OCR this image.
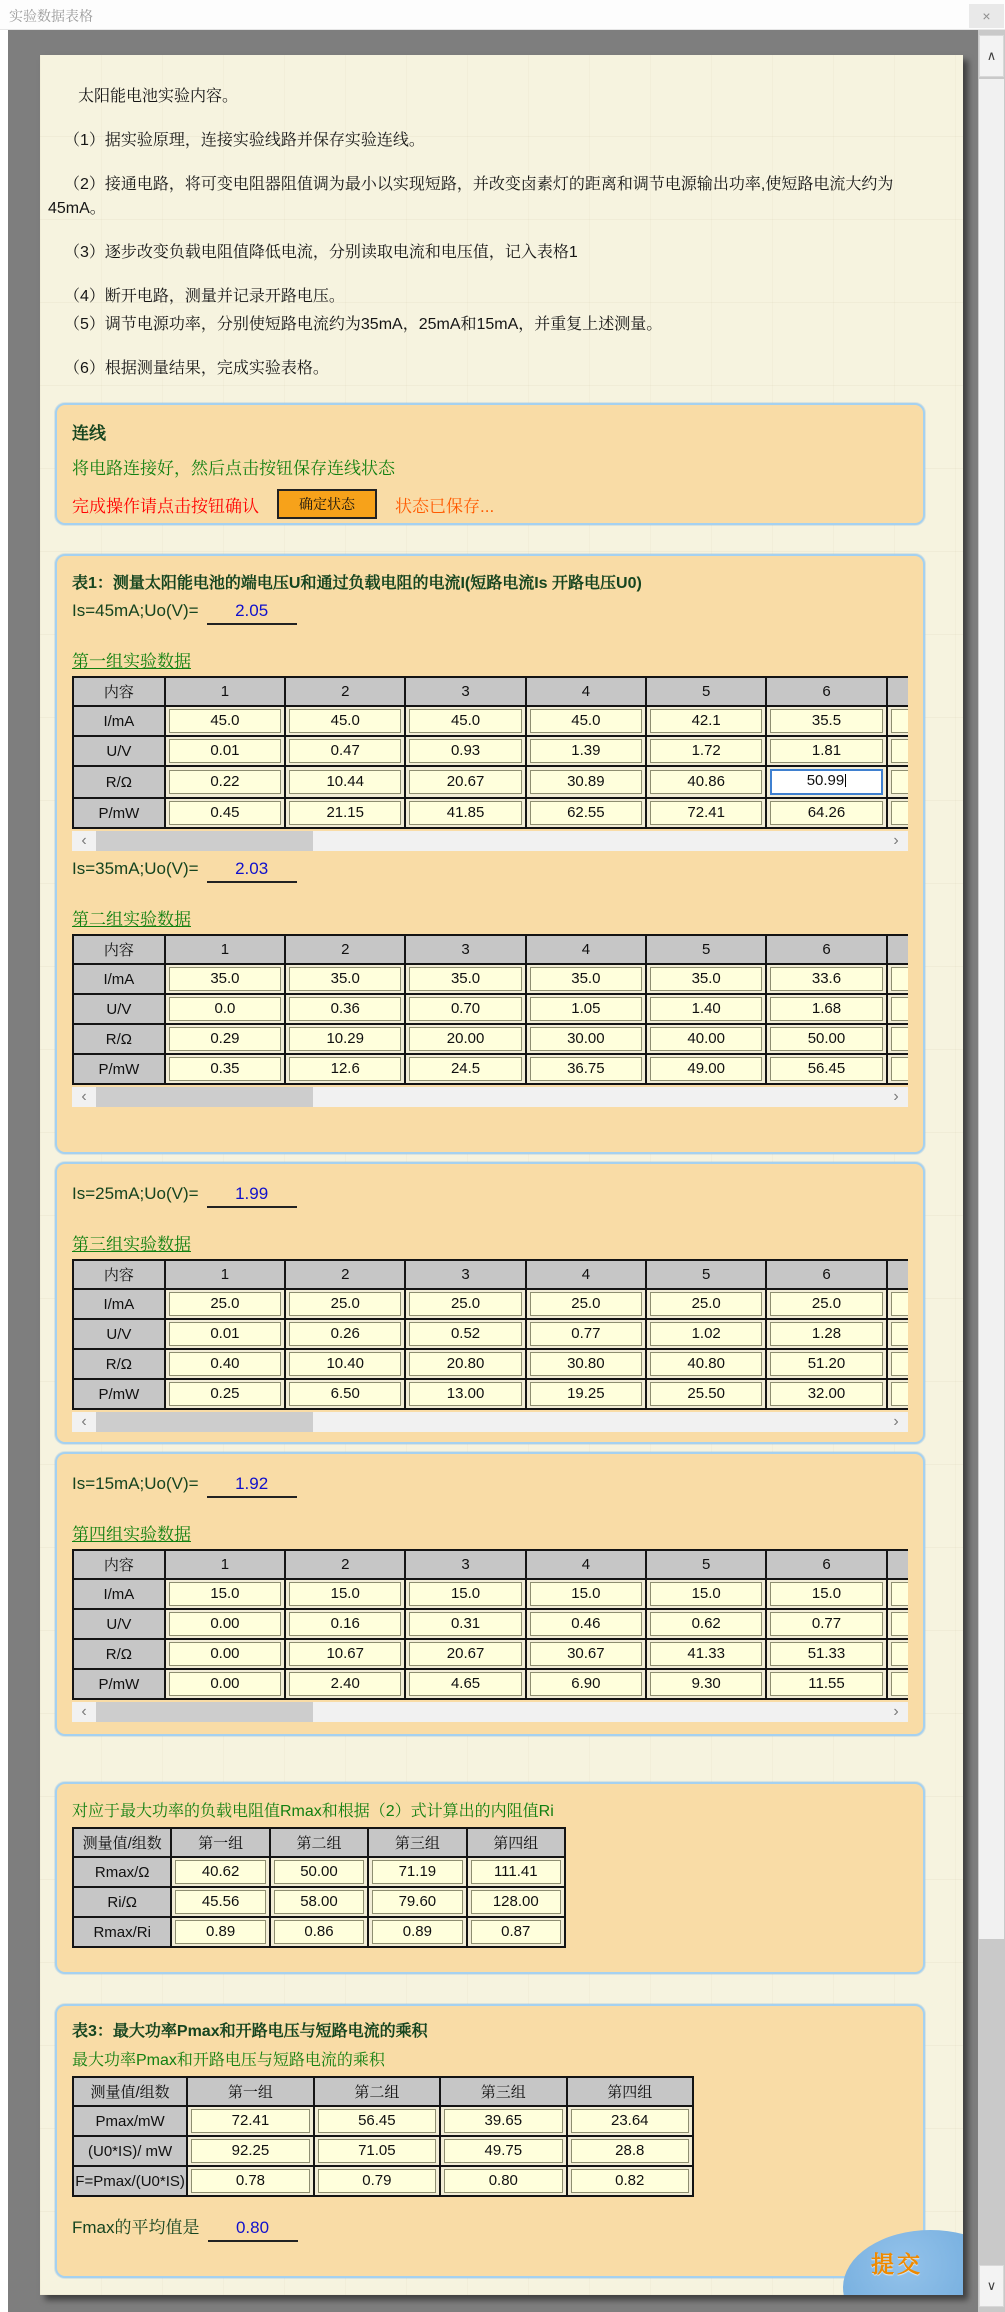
实验数据表格	×

太阳能电池实验内容。

（1）据实验原理，连接实验线路并保存实验连线。

（2）接通电路，将可变电阻器阻值调为最小以实现短路，并改变卤素灯的距离和调节电源输出功率,使短路电流大约为45mA。

（3）逐步改变负载电阻值降低电流，分别读取电流和电压值，记入表格1

（4）断开电路，测量并记录开路电压。

（5）调节电源功率，分别使短路电流约为35mA，25mA和15mA，并重复上述测量。

（6）根据测量结果，完成实验表格。

连线
将电路连接好，然后点击按钮保存连线状态
完成操作请点击按钮确认	确定状态	状态已保存...
表1：测量太阳能电池的端电压U和通过负载电阻的电流I(短路电流Is 开路电压U0)
Is=45mA;Uo(V)= 2.05
第一组实验数据
内容	1	2	3	4	5	6	
I/mA	45.0	45.0	45.0	45.0	42.1	35.5	

U/V	0.01	0.47	0.93	1.39	1.72	1.81	

R/Ω	0.22	10.44	20.67	30.89	40.86	50.99	

P/mW	0.45	21.15	41.85	62.55	72.41	64.26	

‹	›
Is=35mA;Uo(V)= 2.03
第二组实验数据
内容	1	2	3	4	5	6	
I/mA	35.0	35.0	35.0	35.0	35.0	33.6	

U/V	0.0	0.36	0.70	1.05	1.40	1.68	

R/Ω	0.29	10.29	20.00	30.00	40.00	50.00	

P/mW	0.35	12.6	24.5	36.75	49.00	56.45	

‹	›
Is=25mA;Uo(V)= 1.99
第三组实验数据
内容	1	2	3	4	5	6	
I/mA	25.0	25.0	25.0	25.0	25.0	25.0	

U/V	0.01	0.26	0.52	0.77	1.02	1.28	

R/Ω	0.40	10.40	20.80	30.80	40.80	51.20	

P/mW	0.25	6.50	13.00	19.25	25.50	32.00	

‹	›
Is=15mA;Uo(V)= 1.92
第四组实验数据
内容	1	2	3	4	5	6	
I/mA	15.0	15.0	15.0	15.0	15.0	15.0	

U/V	0.00	0.16	0.31	0.46	0.62	0.77	

R/Ω	0.00	10.67	20.67	30.67	41.33	51.33	

P/mW	0.00	2.40	4.65	6.90	9.30	11.55	

‹	›
对应于最大功率的负载电阻值Rmax和根据（2）式计算出的内阻值Ri
测量值/组数	第一组	第二组	第三组	第四组
Rmax/Ω	40.62	50.00	71.19	111.41

Ri/Ω	45.56	58.00	79.60	128.00

Rmax/Ri	0.89	0.86	0.89	0.87
表3：最大功率Pmax和开路电压与短路电流的乘积
最大功率Pmax和开路电压与短路电流的乘积
测量值/组数	第一组	第二组	第三组	第四组
Pmax/mW	72.41	56.45	39.65	23.64

(U0*IS)/ mW	92.25	71.05	49.75	28.8

F=Pmax/(U0*IS)	0.78	0.79	0.80	0.82
Fmax的平均值是 0.80
提交
∧
∨
